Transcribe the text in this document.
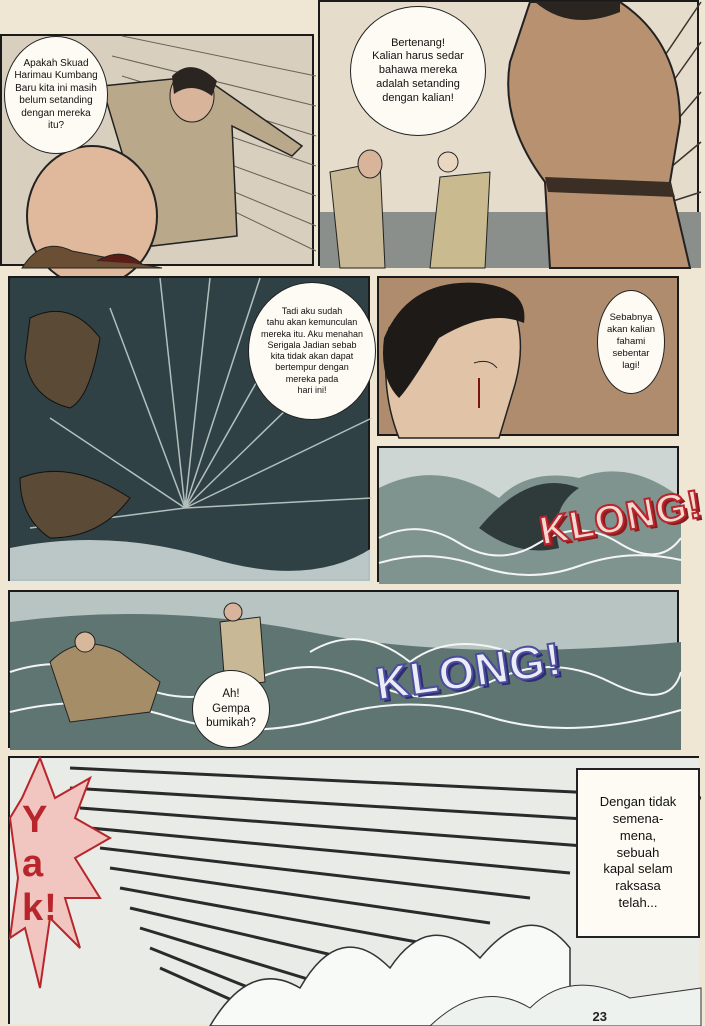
Apakah Skuad
Harimau Kumbang
Baru kita ini masih
belum setanding
dengan mereka
itu?
Bertenang!
Kalian harus sedar
bahawa mereka
adalah setanding
dengan kalian!
Tadi aku sudah
tahu akan kemunculan
mereka itu. Aku menahan
Serigala Jadian sebab
kita tidak akan dapat
bertempur dengan
mereka pada
hari ini!
Sebabnya
akan kalian
fahami
sebentar
lagi!
KLONG!
KLONG!
Ah!
Gempa
bumikah?
Yak!
Dengan tidak
semena-
mena,
sebuah
kapal selam
raksasa
telah...
23
